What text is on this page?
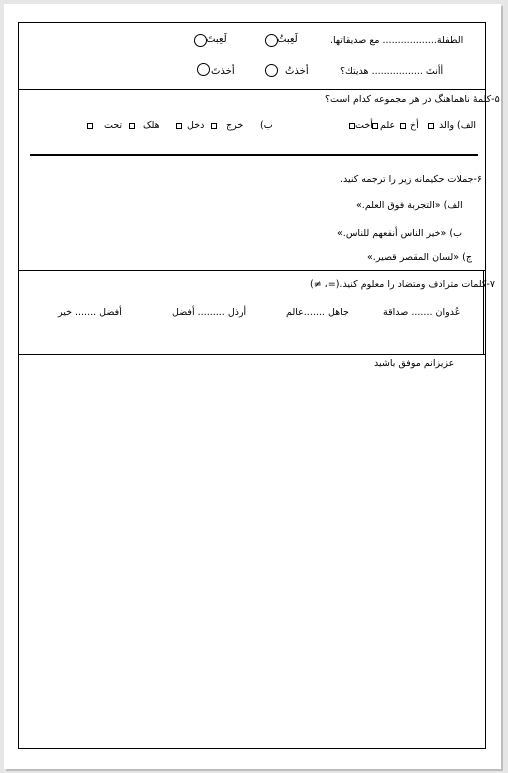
الطفلة.................. مع صدیقاتها.
لَعِبتُ
لَعِبتَ
أأنتَ ................. هدیتك؟
أخذتُ
أخذتَ
۵-کلمهٔ ناهماهنگ در هر مجموعه کدام است؟
الف)
والد
أخ
علم
أخت
ب)
خرج
دخل
هلک
تحت
۶-جملات حکیمانه زیر را ترجمه کنید.
الف) «التجربة فوق العلم.»
ب) «خیر الناس أنفعهم للناس.»
ج) «لسان المقصر قصیر.»
۷-کلمات مترادف ومتضاد را معلوم کنید.(=، ≠)
عُدوان ....... صداقة
جاهل .......عالم
أرذل ......... أفضل
أفضل ....... خیر
عزیزانم موفق باشید
